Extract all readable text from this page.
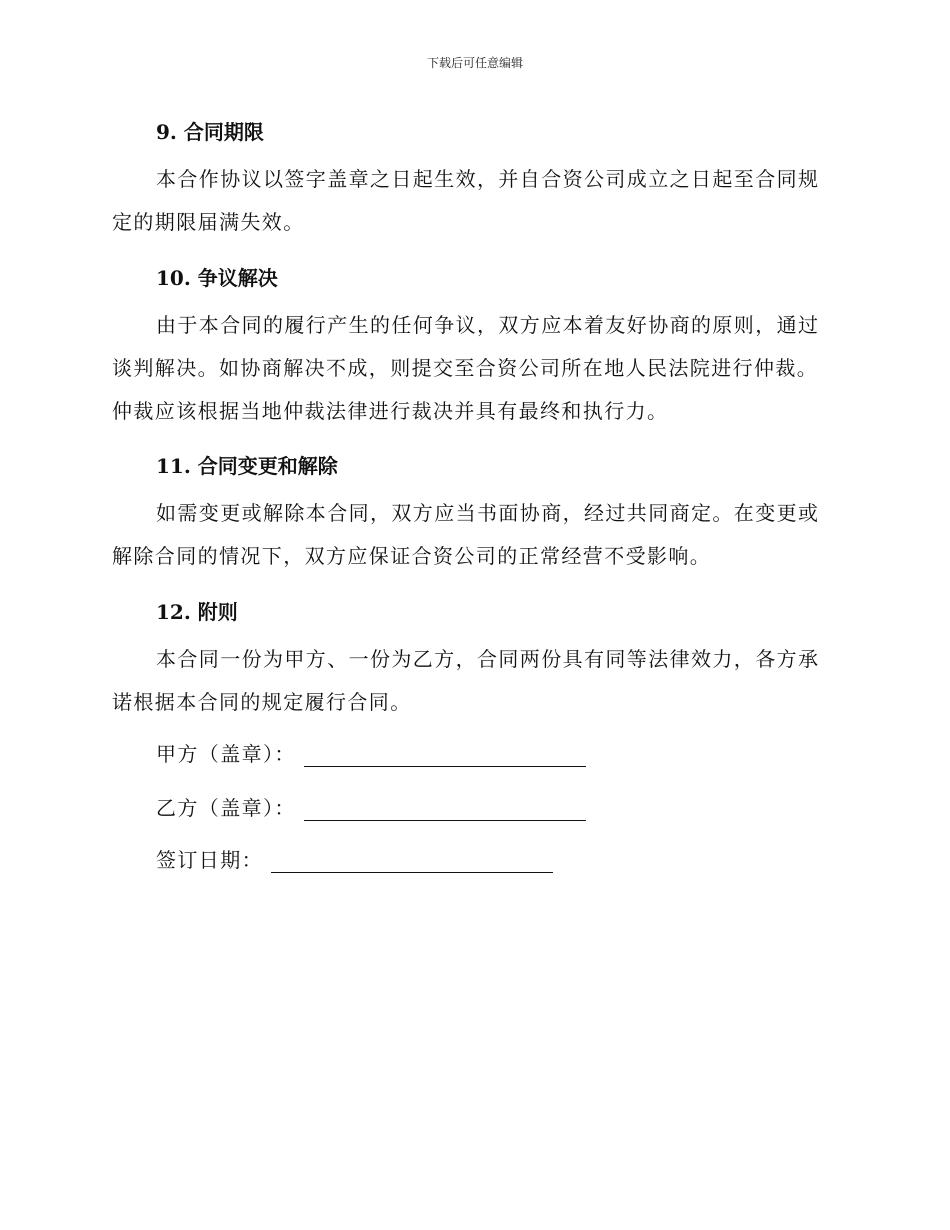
下载后可任意编辑
9. 合同期限
本合作协议以签字盖章之日起生效，并自合资公司成立之日起至合同规定的期限届满失效。
10. 争议解决
由于本合同的履行产生的任何争议，双方应本着友好协商的原则，通过谈判解决。如协商解决不成，则提交至合资公司所在地人民法院进行仲裁。仲裁应该根据当地仲裁法律进行裁决并具有最终和执行力。
11. 合同变更和解除
如需变更或解除本合同，双方应当书面协商，经过共同商定。在变更或解除合同的情况下，双方应保证合资公司的正常经营不受影响。
12. 附则
本合同一份为甲方、一份为乙方，合同两份具有同等法律效力，各方承诺根据本合同的规定履行合同。
甲方（盖章）：
乙方（盖章）：
签订日期：
